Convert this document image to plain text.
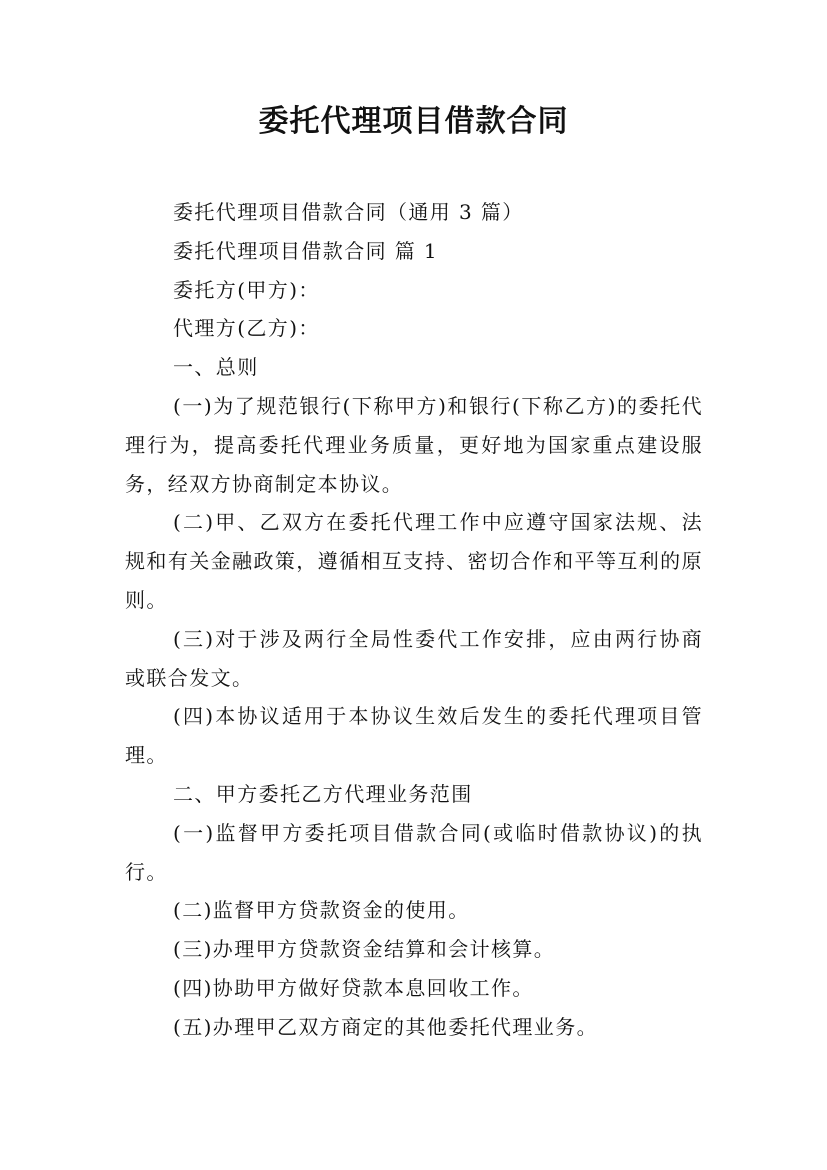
委托代理项目借款合同

委托代理项目借款合同（通用 3 篇）

委托代理项目借款合同 篇 1

委托方(甲方)：

代理方(乙方)：

一、总则

(一)为了规范银行(下称甲方)和银行(下称乙方)的委托代理行为，提高委托代理业务质量，更好地为国家重点建设服务，经双方协商制定本协议。

(二)甲、乙双方在委托代理工作中应遵守国家法规、法规和有关金融政策，遵循相互支持、密切合作和平等互利的原则。

(三)对于涉及两行全局性委代工作安排，应由两行协商或联合发文。

(四)本协议适用于本协议生效后发生的委托代理项目管理。

二、甲方委托乙方代理业务范围

(一)监督甲方委托项目借款合同(或临时借款协议)的执行。

(二)监督甲方贷款资金的使用。

(三)办理甲方贷款资金结算和会计核算。

(四)协助甲方做好贷款本息回收工作。

(五)办理甲乙双方商定的其他委托代理业务。
